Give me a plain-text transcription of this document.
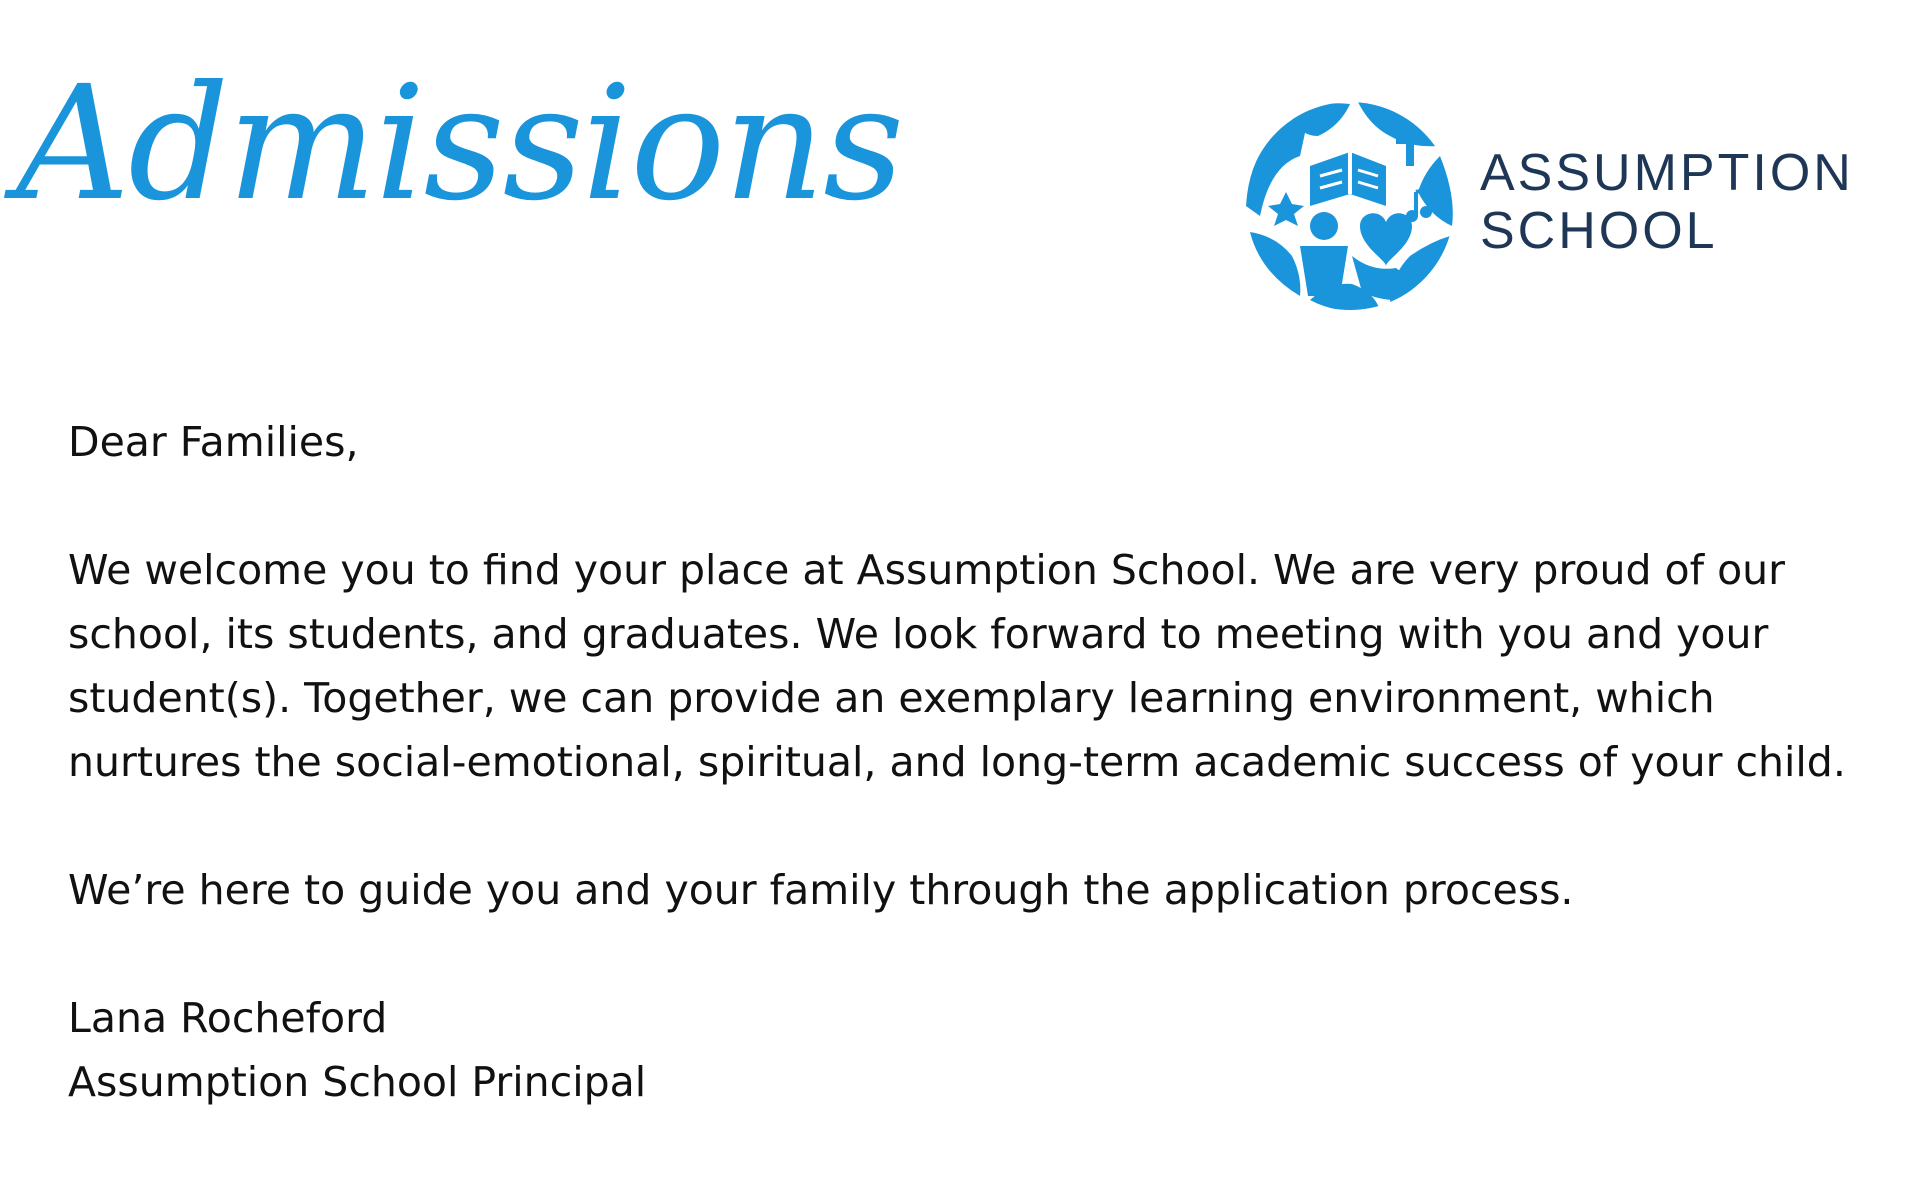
Admissions	ASSUMPTION
SCHOOL

Dear Families,

We welcome you to find your place at Assumption School. We are very proud of our school, its students, and graduates. We look forward to meeting with you and your student(s). Together, we can provide an exemplary learning environment, which nurtures the social-emotional, spiritual, and long-term academic success of your child.

We’re here to guide you and your family through the application process.

Lana Rocheford
Assumption School Principal
